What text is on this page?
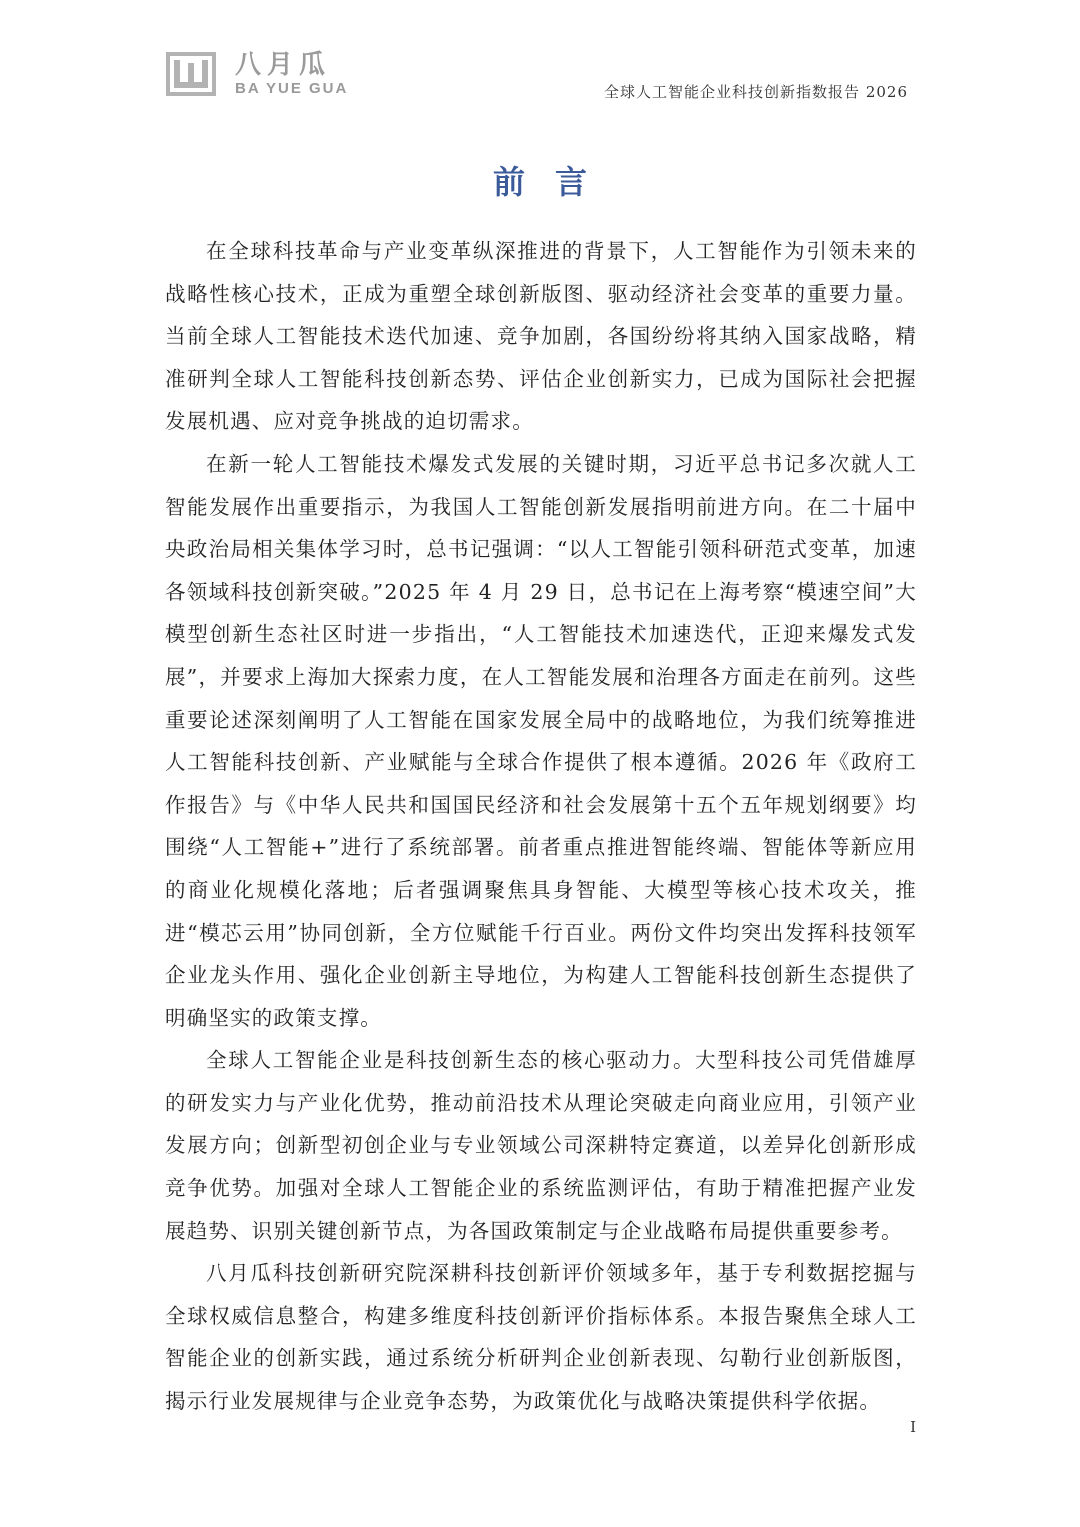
八月瓜
BA YUE GUA	全球人工智能企业科技创新指数报告 2026
前言

在全球科技革命与产业变革纵深推进的背景下，人工智能作为引领未来的战略性核心技术，正成为重塑全球创新版图、驱动经济社会变革的重要力量。当前全球人工智能技术迭代加速、竞争加剧，各国纷纷将其纳入国家战略，精准研判全球人工智能科技创新态势、评估企业创新实力，已成为国际社会把握发展机遇、应对竞争挑战的迫切需求。

在新一轮人工智能技术爆发式发展的关键时期，习近平总书记多次就人工智能发展作出重要指示，为我国人工智能创新发展指明前进方向。在二十届中央政治局相关集体学习时，总书记强调：“以人工智能引领科研范式变革，加速各领域科技创新突破。”2025 年 4 月 29 日，总书记在上海考察“模速空间”大模型创新生态社区时进一步指出，“人工智能技术加速迭代，正迎来爆发式发展”，并要求上海加大探索力度，在人工智能发展和治理各方面走在前列。这些重要论述深刻阐明了人工智能在国家发展全局中的战略地位，为我们统筹推进人工智能科技创新、产业赋能与全球合作提供了根本遵循。2026 年《政府工作报告》与《中华人民共和国国民经济和社会发展第十五个五年规划纲要》均围绕“人工智能+”进行了系统部署。前者重点推进智能终端、智能体等新应用的商业化规模化落地；后者强调聚焦具身智能、大模型等核心技术攻关，推进“模芯云用”协同创新，全方位赋能千行百业。两份文件均突出发挥科技领军企业龙头作用、强化企业创新主导地位，为构建人工智能科技创新生态提供了明确坚实的政策支撑。

全球人工智能企业是科技创新生态的核心驱动力。大型科技公司凭借雄厚的研发实力与产业化优势，推动前沿技术从理论突破走向商业应用，引领产业发展方向；创新型初创企业与专业领域公司深耕特定赛道，以差异化创新形成竞争优势。加强对全球人工智能企业的系统监测评估，有助于精准把握产业发展趋势、识别关键创新节点，为各国政策制定与企业战略布局提供重要参考。

八月瓜科技创新研究院深耕科技创新评价领域多年，基于专利数据挖掘与全球权威信息整合，构建多维度科技创新评价指标体系。本报告聚焦全球人工智能企业的创新实践，通过系统分析研判企业创新表现、勾勒行业创新版图，揭示行业发展规律与企业竞争态势，为政策优化与战略决策提供科学依据。

I
